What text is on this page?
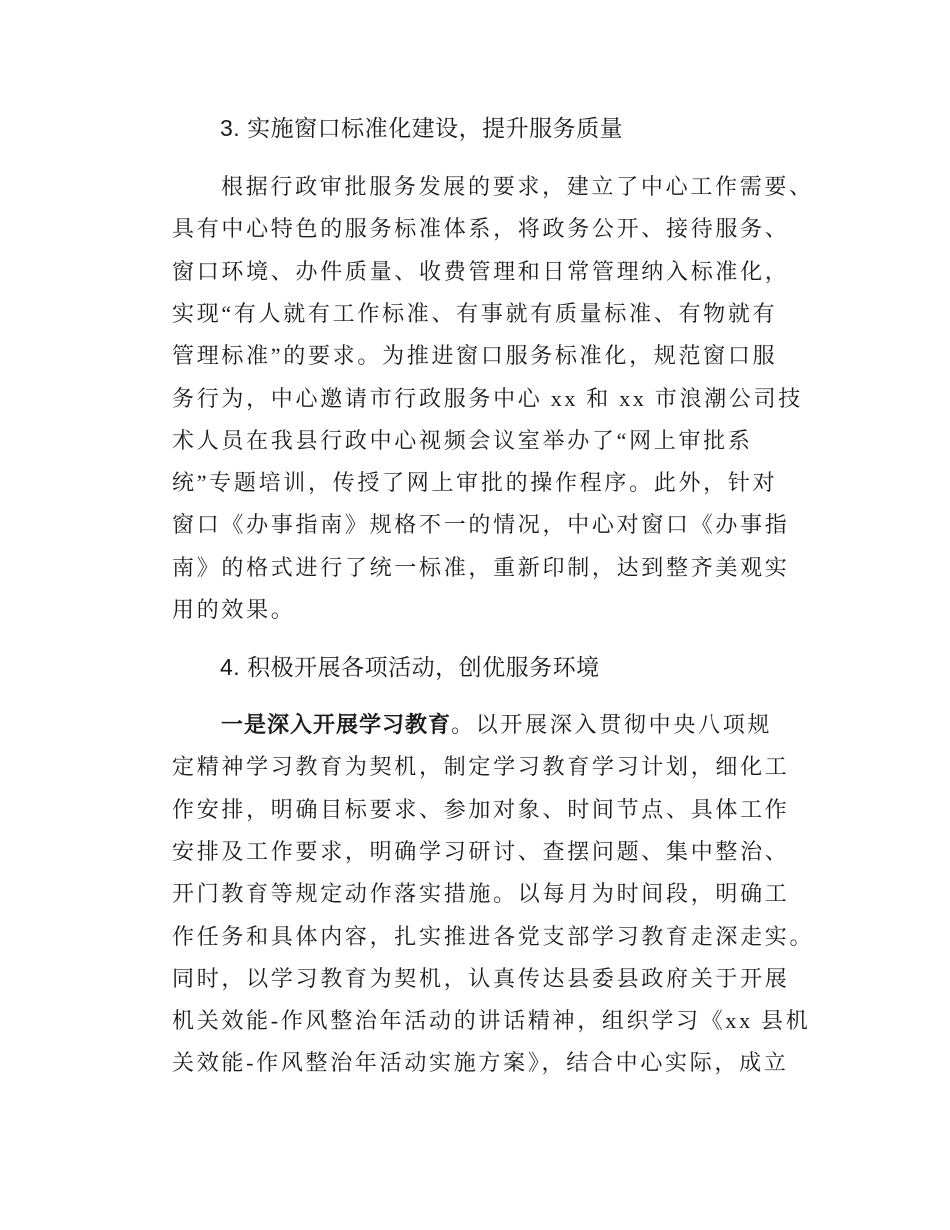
3. 实施窗口标准化建设，提升服务质量
根据行政审批服务发展的要求，建立了中心工作需要、
具有中心特色的服务标准体系，将政务公开、接待服务、
窗口环境、办件质量、收费管理和日常管理纳入标准化，
实现“有人就有工作标准、有事就有质量标准、有物就有
管理标准”的要求。为推进窗口服务标准化，规范窗口服
务行为，中心邀请市行政服务中心 xx 和 xx 市浪潮公司技
术人员在我县行政中心视频会议室举办了“网上审批系
统”专题培训，传授了网上审批的操作程序。此外，针对
窗口《办事指南》规格不一的情况，中心对窗口《办事指
南》的格式进行了统一标准，重新印制，达到整齐美观实
用的效果。
4. 积极开展各项活动，创优服务环境
一是深入开展学习教育。以开展深入贯彻中央八项规
定精神学习教育为契机，制定学习教育学习计划，细化工
作安排，明确目标要求、参加对象、时间节点、具体工作
安排及工作要求，明确学习研讨、查摆问题、集中整治、
开门教育等规定动作落实措施。以每月为时间段，明确工
作任务和具体内容，扎实推进各党支部学习教育走深走实。
同时，以学习教育为契机，认真传达县委县政府关于开展
机关效能-作风整治年活动的讲话精神，组织学习《xx 县机
关效能-作风整治年活动实施方案》，结合中心实际，成立
